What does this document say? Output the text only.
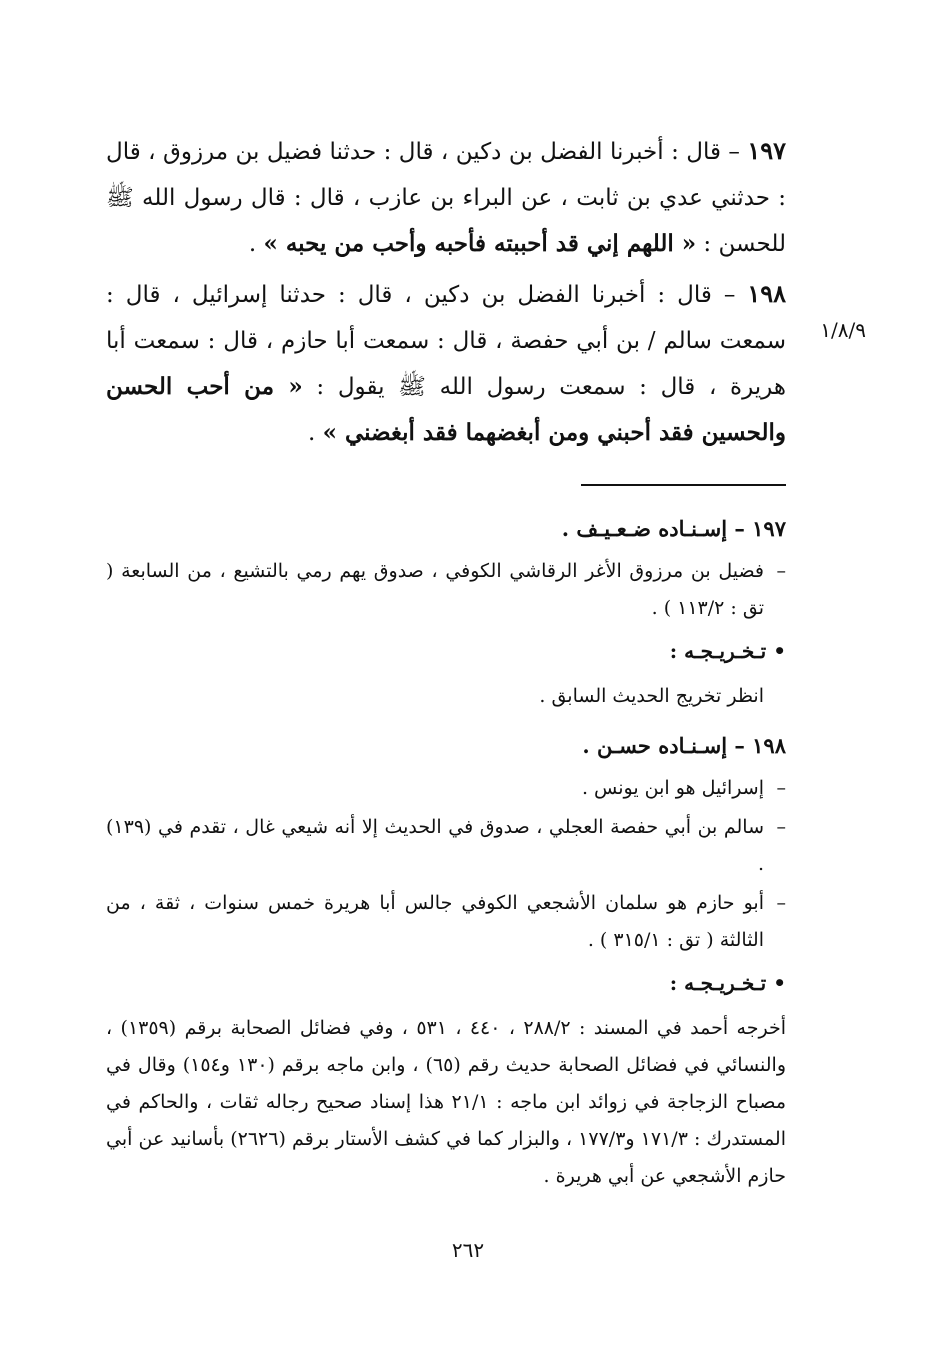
١/٨/٩

١٩٧ – قال : أخبرنا الفضل بن دكين ، قال : حدثنا فضيل بن مرزوق ، قال : حدثني عدي بن ثابت ، عن البراء بن عازب ، قال : قال رسول الله ﷺ للحسن : « اللهم إني قد أحببته فأحبه وأحب من يحبه » .

١٩٨ – قال : أخبرنا الفضل بن دكين ، قال : حدثنا إسرائيل ، قال : سمعت سالم / بن أبي حفصة ، قال : سمعت أبا حازم ، قال : سمعت أبا هريرة ، قال : سمعت رسول الله ﷺ يقول : « من أحب الحسن والحسين فقد أحبني ومن أبغضهما فقد أبغضني » .

١٩٧ – إسـنـاده ضـعـيـف .
–
فضيل بن مرزوق الأغر الرقاشي الكوفي ، صدوق يهم رمي بالتشيع ، من السابعة ( تق : ١١٣/٢ ) .
• تـخـريـجـه :
انظر تخريج الحديث السابق .
١٩٨ – إسـنـاده حسـن .
–
إسرائيل هو ابن يونس .
–
سالم بن أبي حفصة العجلي ، صدوق في الحديث إلا أنه شيعي غال ، تقدم في (١٣٩) .
–
أبو حازم هو سلمان الأشجعي الكوفي جالس أبا هريرة خمس سنوات ، ثقة ، من الثالثة ( تق : ٣١٥/١ ) .
• تـخـريـجـه :

أخرجه أحمد في المسند : ٢٨٨/٢ ، ٤٤٠ ، ٥٣١ ، وفي فضائل الصحابة برقم (١٣٥٩) ، والنسائي في فضائل الصحابة حديث رقم (٦٥) ، وابن ماجه برقم (١٣٠ و١٥٤) وقال في مصباح الزجاجة في زوائد ابن ماجه : ٢١/١ هذا إسناد صحيح رجاله ثقات ، والحاكم في المستدرك : ١٧١/٣ و١٧٧/٣ ، والبزار كما في كشف الأستار برقم (٢٦٢٦) بأسانيد عن أبي حازم الأشجعي عن أبي هريرة .

٢٦٢
